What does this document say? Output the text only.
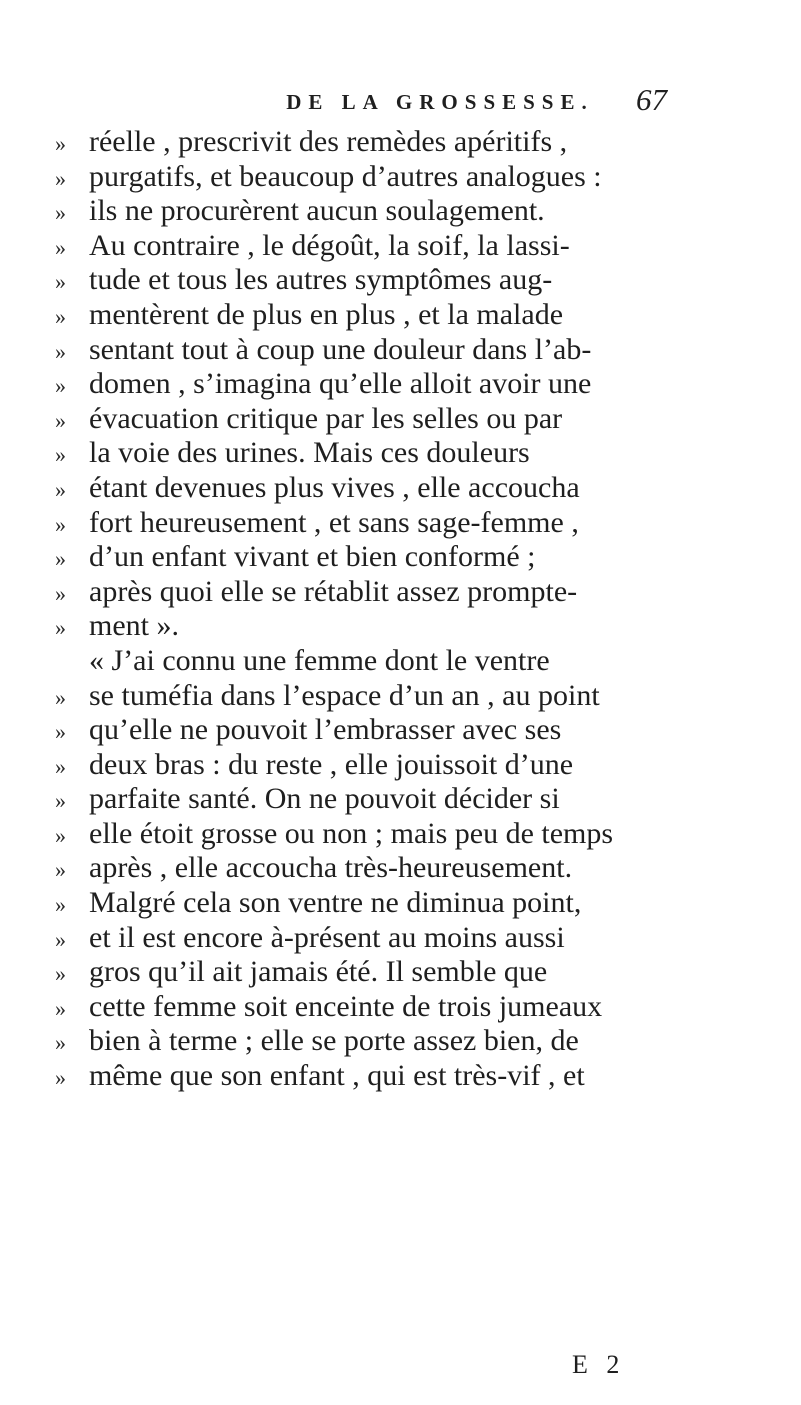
DE LA GROSSESSE. 67
» réelle , prescrivit des remèdes apéritifs ,
» purgatifs, et beaucoup d’autres analogues :
» ils ne procurèrent aucun soulagement.
» Au contraire , le dégoût, la soif, la lassi-
» tude et tous les autres symptômes aug-
» mentèrent de plus en plus , et la malade
» sentant tout à coup une douleur dans l’ab-
» domen , s’imagina qu’elle alloit avoir une
» évacuation critique par les selles ou par
» la voie des urines. Mais ces douleurs
» étant devenues plus vives , elle accoucha
» fort heureusement , et sans sage-femme ,
» d’un enfant vivant et bien conformé ;
» après quoi elle se rétablit assez prompte-
» ment ».
« J’ai connu une femme dont le ventre
» se tuméfia dans l’espace d’un an , au point
» qu’elle ne pouvoit l’embrasser avec ses
» deux bras : du reste , elle jouissoit d’une
» parfaite santé. On ne pouvoit décider si
» elle étoit grosse ou non ; mais peu de temps
» après , elle accoucha très-heureusement.
» Malgré cela son ventre ne diminua point,
» et il est encore à-présent au moins aussi
» gros qu’il ait jamais été. Il semble que
» cette femme soit enceinte de trois jumeaux
» bien à terme ; elle se porte assez bien, de
» même que son enfant , qui est très-vif , et
E 2
